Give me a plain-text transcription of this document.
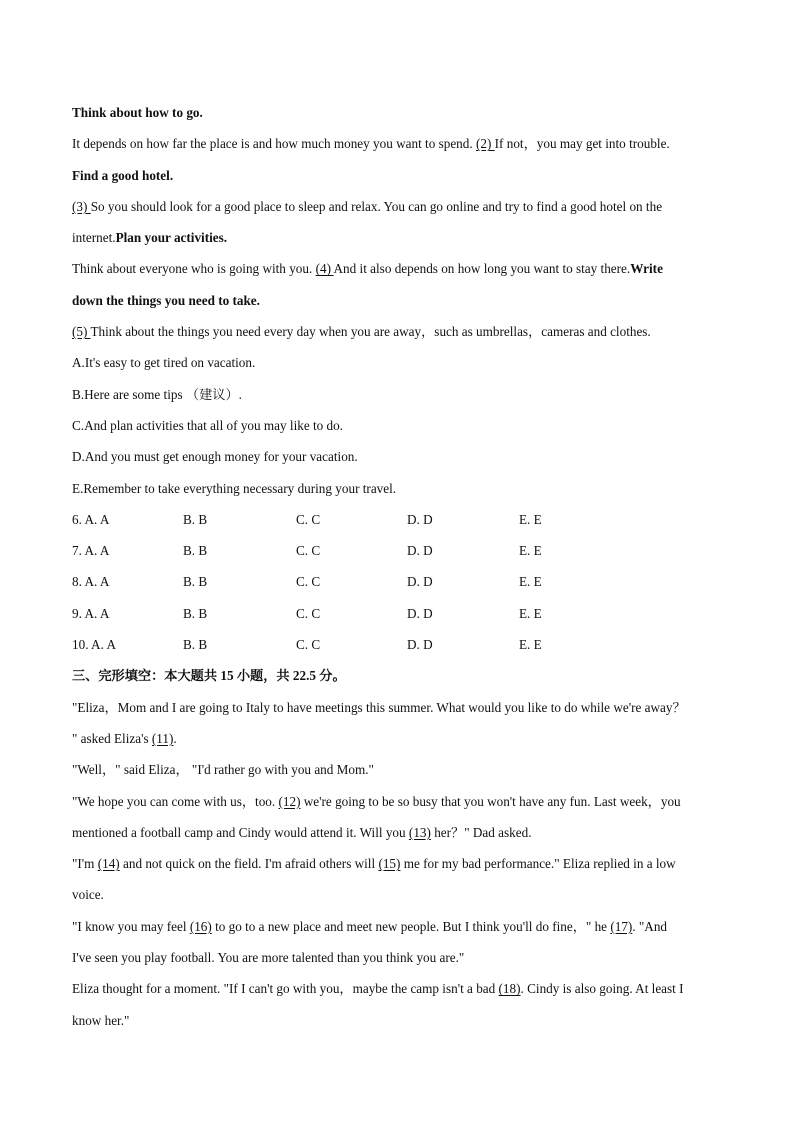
Think about how to go.
It depends on how far the place is and how much money you want to spend. (2) If not，you may get into trouble.
Find a good hotel.
(3) So you should look for a good place to sleep and relax. You can go online and try to find a good hotel on the
internet.Plan your activities.
Think about everyone who is going with you. (4) And it also depends on how long you want to stay there.Write
down the things you need to take.
(5) Think about the things you need every day when you are away，such as umbrellas，cameras and clothes.
A.It's easy to get tired on vacation.
B.Here are some tips （建议）.
C.And plan activities that all of you may like to do.
D.And you must get enough money for your vacation.
E.Remember to take everything necessary during your travel.
6. A. A	B. B	C. C	D. D	E. E
7. A. A	B. B	C. C	D. D	E. E
8. A. A	B. B	C. C	D. D	E. E
9. A. A	B. B	C. C	D. D	E. E
10. A. A	B. B	C. C	D. D	E. E
三、完形填空：本大题共 15 小题，共 22.5 分。
"Eliza，Mom and I are going to Italy to have meetings this summer. What would you like to do while we're away？
" asked Eliza's (11).
"Well，" said Eliza， "I'd rather go with you and Mom."
"We hope you can come with us，too. (12) we're going to be so busy that you won't have any fun. Last week，you
mentioned a football camp and Cindy would attend it. Will you (13) her？" Dad asked.
"I'm (14) and not quick on the field. I'm afraid others will (15) me for my bad performance." Eliza replied in a low
voice.
"I know you may feel (16) to go to a new place and meet new people. But I think you'll do fine，" he (17). "And
I've seen you play football. You are more talented than you think you are."
Eliza thought for a moment. "If I can't go with you，maybe the camp isn't a bad (18). Cindy is also going. At least I
know her."
